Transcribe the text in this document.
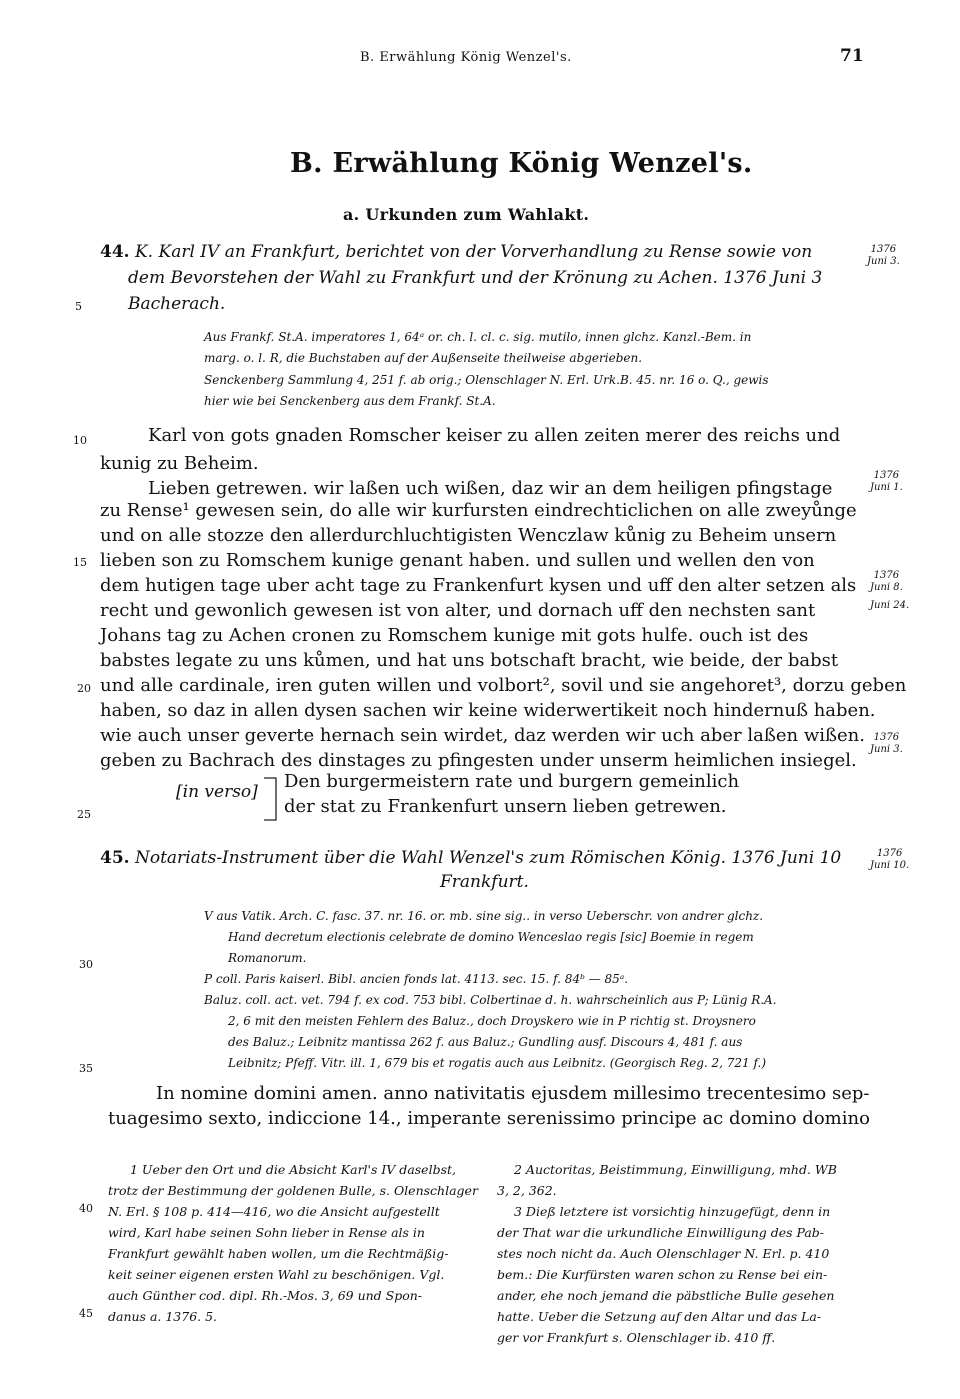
B. Erwählung König Wenzel's.	71
B. Erwählung König Wenzel's.
a. Urkunden zum Wahlakt.
44. K. Karl IV an Frankfurt, berichtet von der Vorverhandlung zu Rense sowie von
dem Bevorstehen der Wahl zu Frankfurt und der Krönung zu Achen. 1376 Juni 3
Bacherach.
1376
Juni 3.
Aus Frankf. St.A. imperatores 1, 64ᵃ or. ch. l. cl. c. sig. mutilo, innen glchz. Kanzl.-Bem. in
marg. o. l. R, die Buchstaben auf der Außenseite theilweise abgerieben.
Senckenberg Sammlung 4, 251 f. ab orig.; Olenschlager N. Erl. Urk.B. 45. nr. 16 o. Q., gewis
hier wie bei Senckenberg aus dem Frankf. St.A.
Karl von gots gnaden Romscher keiser zu allen zeiten merer des reichs und
kunig zu Beheim.
Lieben getrewen. wir laßen uch wißen, daz wir an dem heiligen pfingstage
zu Rense¹ gewesen sein, do alle wir kurfursten eindrechticlichen on alle zweyůnge
und on alle stozze den allerdurchluchtigisten Wenczlaw kůnig zu Beheim unsern
lieben son zu Romschem kunige genant haben. und sullen und wellen den von
dem hutigen tage uber acht tage zu Frankenfurt kysen und uff den alter setzen als
recht und gewonlich gewesen ist von alter, und dornach uff den nechsten sant
Johans tag zu Achen cronen zu Romschem kunige mit gots hulfe. ouch ist des
babstes legate zu uns kůmen, und hat uns botschaft bracht, wie beide, der babst
und alle cardinale, iren guten willen und volbort², sovil und sie angehoret³, dorzu geben
haben, so daz in allen dysen sachen wir keine widerwertikeit noch hindernuß haben.
wie auch unser geverte hernach sein wirdet, daz werden wir uch aber laßen wißen.
geben zu Bachrach des dinstages zu pfingesten under unserm heimlichen insiegel.
1376
Juni 1.
1376
Juni 8.
Juni 24.
1376
Juni 3.
[in verso] Den burgermeistern rate und burgern gemeinlich
der stat zu Frankenfurt unsern lieben getrewen.
45. Notariats-Instrument über die Wahl Wenzel's zum Römischen König. 1376 Juni 10
Frankfurt.
1376
Juni 10.
V aus Vatik. Arch. C. fasc. 37. nr. 16. or. mb. sine sig.. in verso Ueberschr. von andrer glchz.
Hand decretum electionis celebrate de domino Wenceslao regis [sic] Boemie in regem
Romanorum.
P coll. Paris kaiserl. Bibl. ancien fonds lat. 4113. sec. 15. f. 84ᵇ — 85ᵃ.
Baluz. coll. act. vet. 794 f. ex cod. 753 bibl. Colbertinae d. h. wahrscheinlich aus P; Lünig R.A.
2, 6 mit den meisten Fehlern des Baluz., doch Droyskero wie in P richtig st. Droysnero
des Baluz.; Leibnitz mantissa 262 f. aus Baluz.; Gundling ausf. Discours 4, 481 f. aus
Leibnitz; Pfeff. Vitr. ill. 1, 679 bis et rogatis auch aus Leibnitz. (Georgisch Reg. 2, 721 f.)
In nomine domini amen. anno nativitatis ejusdem millesimo trecentesimo sep-
tuagesimo sexto, indiccione 14., imperante serenissimo principe ac domino domino
1 Ueber den Ort und die Absicht Karl's IV daselbst,
trotz der Bestimmung der goldenen Bulle, s. Olenschlager
N. Erl. § 108 p. 414—416, wo die Ansicht aufgestellt
wird, Karl habe seinen Sohn lieber in Rense als in
Frankfurt gewählt haben wollen, um die Rechtmäßig-
keit seiner eigenen ersten Wahl zu beschönigen. Vgl.
auch Günther cod. dipl. Rh.-Mos. 3, 69 und Spon-
danus a. 1376. 5.
2 Auctoritas, Beistimmung, Einwilligung, mhd. WB
3, 2, 362.
3 Dieß letztere ist vorsichtig hinzugefügt, denn in
der That war die urkundliche Einwilligung des Pab-
stes noch nicht da. Auch Olenschlager N. Erl. p. 410
bem.: Die Kurfürsten waren schon zu Rense bei ein-
ander, ehe noch jemand die päbstliche Bulle gesehen
hatte. Ueber die Setzung auf den Altar und das La-
ger vor Frankfurt s. Olenschlager ib. 410 ff.
5
10
15
20
25
30
35
40
45
